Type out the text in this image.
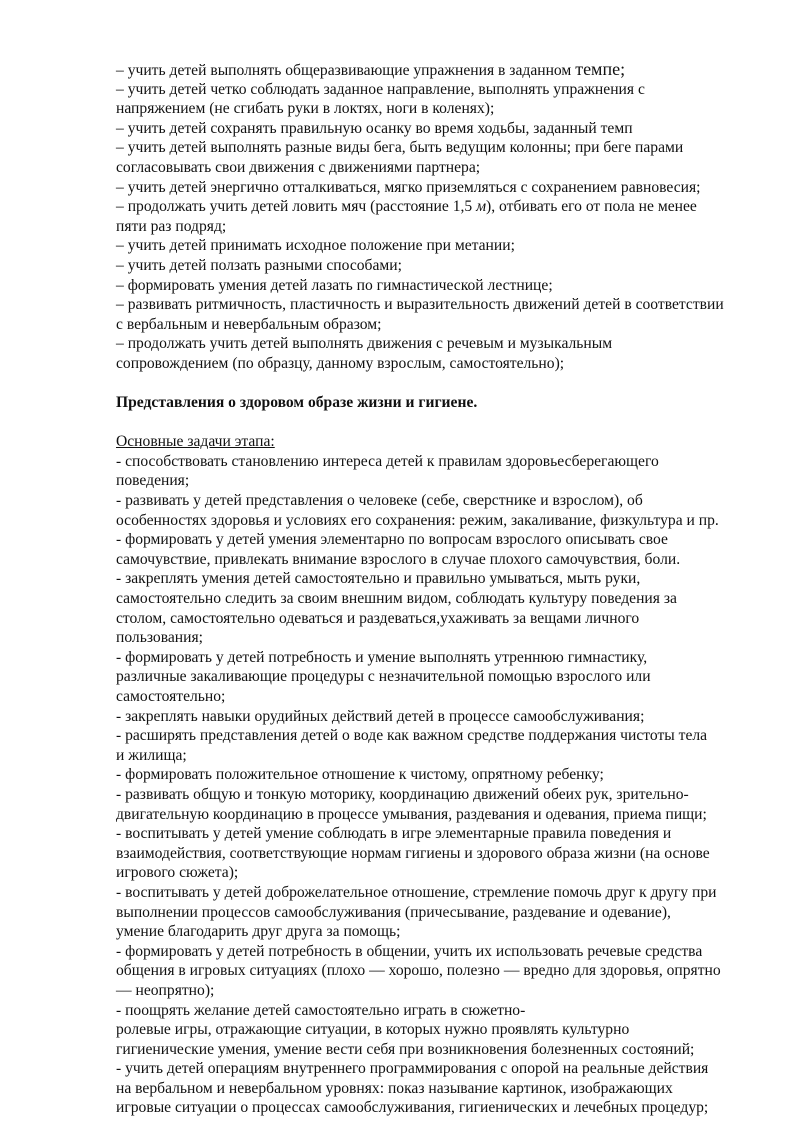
– учить детей выполнять общеразвивающие упражнения в заданном темпе;
– учить детей четко соблюдать заданное направление, выполнять упражнения с
напряжением (не сгибать руки в локтях, ноги в коленях);
– учить детей сохранять правильную осанку во время ходьбы, заданный темп
– учить детей выполнять разные виды бега, быть ведущим колонны; при беге парами
согласовывать свои движения с движениями партнера;
– учить детей энергично отталкиваться, мягко приземляться с сохранением равновесия;
– продолжать учить детей ловить мяч (расстояние 1,5 м), отбивать его от пола не менее
пяти раз подряд;
– учить детей принимать исходное положение при метании;
– учить детей ползать разными способами;
– формировать умения детей лазать по гимнастической лестнице;
– развивать ритмичность, пластичность и выразительность движений детей в соответствии
с вербальным и невербальным образом;
– продолжать учить детей выполнять движения с речевым и музыкальным
сопровождением (по образцу, данному взрослым, самостоятельно);
Представления о здоровом образе жизни и гигиене.
Основные задачи этапа:
- способствовать становлению интереса детей к правилам здоровьесберегающего
поведения;
- развивать у детей представления о человеке (себе, сверстнике и взрослом), об
особенностях здоровья и условиях его сохранения: режим, закаливание, физкультура и пр.
- формировать у детей умения элементарно по вопросам взрослого описывать свое
самочувствие, привлекать внимание взрослого в случае плохого самочувствия, боли.
- закреплять умения детей самостоятельно и правильно умываться, мыть руки,
самостоятельно следить за своим внешним видом, соблюдать культуру поведения за
столом, самостоятельно одеваться и раздеваться,ухаживать за вещами личного
пользования;
- формировать у детей потребность и умение выполнять утреннюю гимнастику,
различные закаливающие процедуры с незначительной помощью взрослого или
самостоятельно;
- закреплять навыки орудийных действий детей в процессе самообслуживания;
- расширять представления детей о воде как важном средстве поддержания чистоты тела
и жилища;
- формировать положительное отношение к чистому, опрятному ребенку;
- развивать общую и тонкую моторику, координацию движений обеих рук, зрительно-
двигательную координацию в процессе умывания, раздевания и одевания, приема пищи;
- воспитывать у детей умение соблюдать в игре элементарные правила поведения и
взаимодействия, соответствующие нормам гигиены и здорового образа жизни (на основе
игрового сюжета);
- воспитывать у детей доброжелательное отношение, стремление помочь друг к другу при
выполнении процессов самообслуживания (причесывание, раздевание и одевание),
умение благодарить друг друга за помощь;
- формировать у детей потребность в общении, учить их использовать речевые средства
общения в игровых ситуациях (плохо — хорошо, полезно — вредно для здоровья, опрятно
— неопрятно);
- поощрять желание детей самостоятельно играть в сюжетно-
ролевые игры, отражающие ситуации, в которых нужно проявлять культурно
гигиенические умения, умение вести себя при возникновения болезненных состояний;
- учить детей операциям внутреннего программирования с опорой на реальные действия
на вербальном и невербальном уровнях: показ называние картинок, изображающих
игровые ситуации о процессах самообслуживания, гигиенических и лечебных процедур;
